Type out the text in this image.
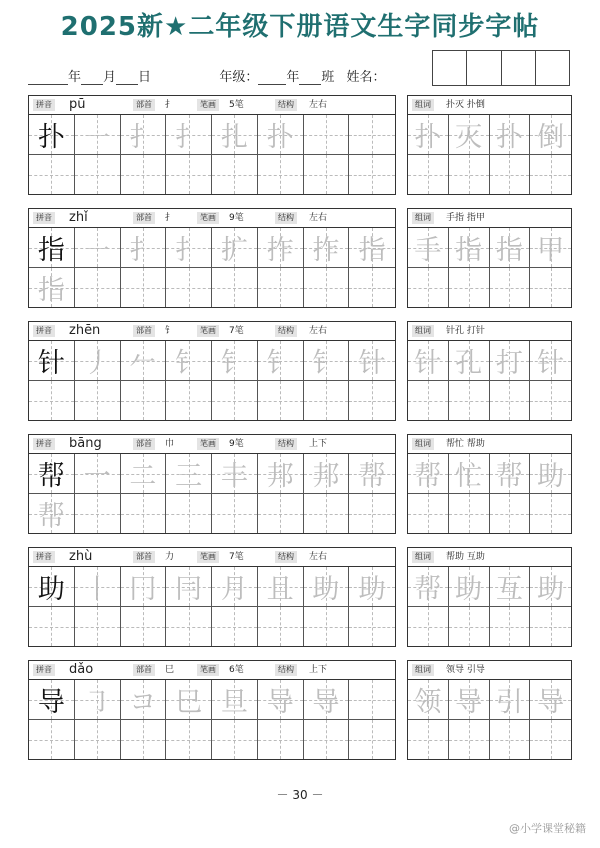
2025新★二年级下册语文生字同步字帖
年 月 日	年级： 年 班 姓名：
拼音 pū	部首	扌	笔画	5笔	结构	左右
扑 ㇐ 扌 扌 扎 扑
组词	扑灭 扑倒
扑 灭 扑 倒
拼音 zhǐ	部首	扌	笔画	9笔	结构	左右
指 ㇐ 扌 扌 扩 拃 拃 指
指
组词	手指 指甲
手 指 指 甲
拼音 zhēn	部首	钅	笔画	7笔	结构	左右
针 丿 𠂉 钅 钅 钅 钅 针
组词	针孔 打针
针 孔 打 针
拼音 bāng	部首	巾	笔画	9笔	结构	上下
帮 一 二 三 丰 邦 邦 帮
帮
组词	帮忙 帮助
帮 忙 帮 助
拼音 zhù	部首	力	笔画	7笔	结构	左右
助 丨 冂 冃 月 且 助 助
组词	帮助 互助
帮 助 互 助
拼音 dǎo	部首	巳	笔画	6笔	结构	上下
导 ㇆ コ 巳 旦 导 导
组词	领导 引导
领 导 引 导
－ 30 －
@小学课堂秘籍
